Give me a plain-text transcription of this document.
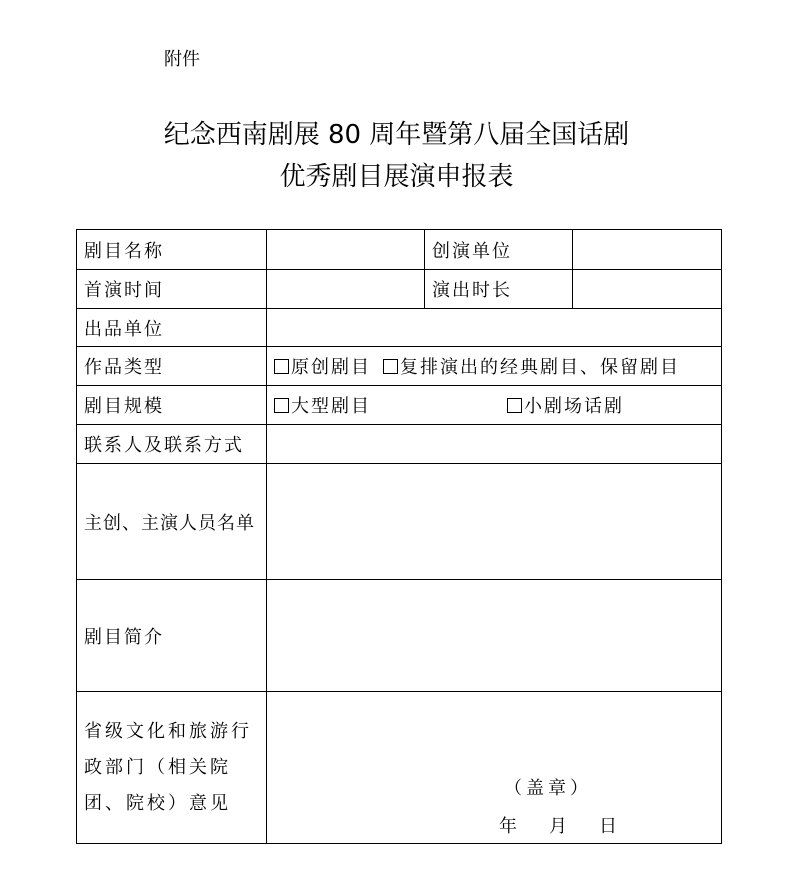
附件
纪念西南剧展 80 周年暨第八届全国话剧
优秀剧目展演申报表
剧目名称		创演单位	
首演时间		演出时长	
出品单位			
作品类型	原创剧目 复排演出的经典剧目、保留剧目		
剧目规模	大型剧目 小剧场话剧		
联系人及联系方式			
主创、主演人员名单			
剧目简介			
省级文化和旅游行政部门（相关院团、院校）意见	（盖章）
年 月 日		
